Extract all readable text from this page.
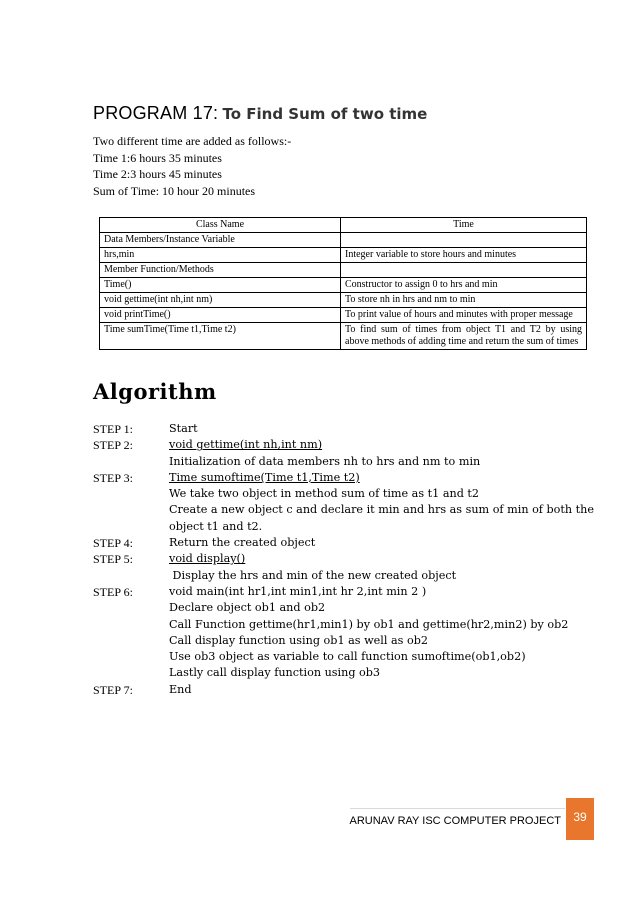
PROGRAM 17: To Find Sum of two time
Two different time are added as follows:-
Time 1:6 hours 35 minutes
Time 2:3 hours 45 minutes
Sum of Time: 10 hour 20 minutes
Class Name	Time
Data Members/Instance Variable	
hrs,min	Integer variable to store hours and minutes
Member Function/Methods	
Time()	Constructor to assign 0 to hrs and min
void gettime(int nh,int nm)	To store nh in hrs and nm to min
void printTime()	To print value of hours and minutes with proper message
Time sumTime(Time t1,Time t2)	To find sum of times from object T1 and T2 by using above methods of adding time and return the sum of times
Algorithm
STEP 1:	Start
STEP 2:	void gettime(int nh,int nm)
Initialization of data members nh to hrs and nm to min
STEP 3:	Time sumoftime(Time t1,Time t2)
We take two object in method sum of time as t1 and t2
Create a new object c and declare it min and hrs as sum of min of both the object t1 and t2.
STEP 4:	Return the created object
STEP 5:	void display()
Display the hrs and min of the new created object
STEP 6:	void main(int hr1,int min1,int hr 2,int min 2 )
Declare object ob1 and ob2
Call Function gettime(hr1,min1) by ob1 and gettime(hr2,min2) by ob2
Call display function using ob1 as well as ob2
Use ob3 object as variable to call function sumoftime(ob1,ob2)
Lastly call display function using ob3
STEP 7:	End
ARUNAV RAY ISC COMPUTER PROJECT	39
